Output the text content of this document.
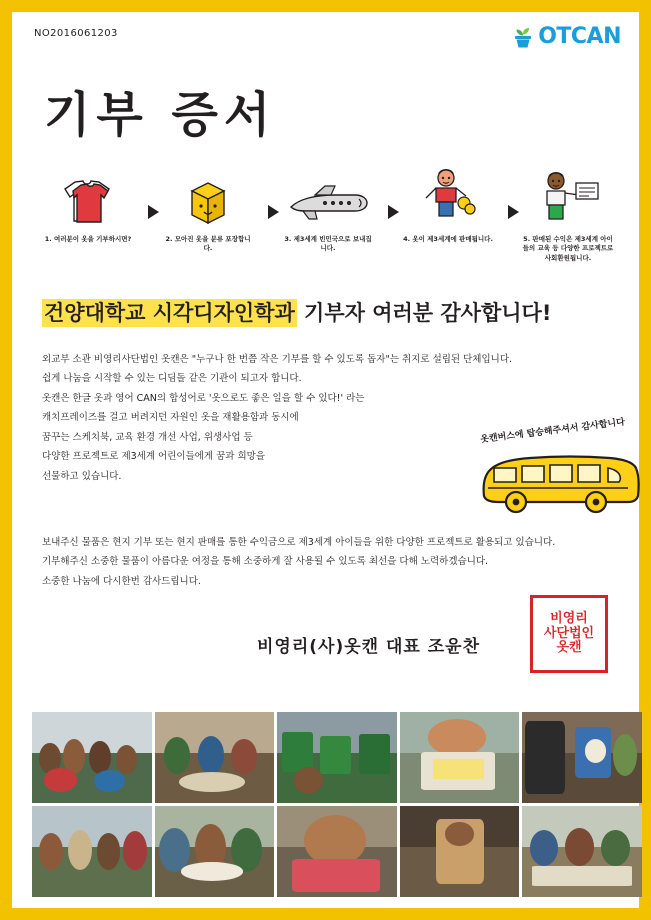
NO2016061203	OTCAN
기부 증서
1. 여러분이 옷을 기부하시면?	2. 모아진 옷을 분류 포장합니다.
3. 제3세계 빈민국으로 보내집니다.
4. 옷이 제3세계에 판매됩니다.	5. 판매된 수익은 제3세계 아이들의 교육 등 다양한 프로젝트로 사회환원됩니다.
건양대학교 시각디자인학과 기부자 여러분 감사합니다!
외교부 소관 비영리사단법인 옷캔은 "누구나 한 번쯤 작은 기부를 할 수 있도록 돕자"는 취지로 설립된 단체입니다.
쉽게 나눔을 시작할 수 있는 디딤돌 같은 기관이 되고자 합니다.
옷캔은 한글 옷과 영어 CAN의 합성어로 '옷으로도 좋은 일을 할 수 있다!' 라는
캐치프레이즈를 걸고 버려지던 자원인 옷을 재활용함과 동시에
꿈꾸는 스케치북, 교육 환경 개선 사업, 위생사업 등
다양한 프로젝트로 제3세계 어린이들에게 꿈과 희망을
선물하고 있습니다.
옷캔버스에 탑승해주셔서 감사합니다
보내주신 물품은 현지 기부 또는 현지 판매를 통한 수익금으로 제3세계 아이들을 위한 다양한 프로젝트로 활용되고 있습니다.
기부해주신 소중한 물품이 아름다운 여정을 통해 소중하게 잘 사용될 수 있도록 최선을 다해 노력하겠습니다.
소중한 나눔에 다시한번 감사드립니다.
비영리(사)옷캔 대표 조윤찬
비영리
사단법인
옷캔
